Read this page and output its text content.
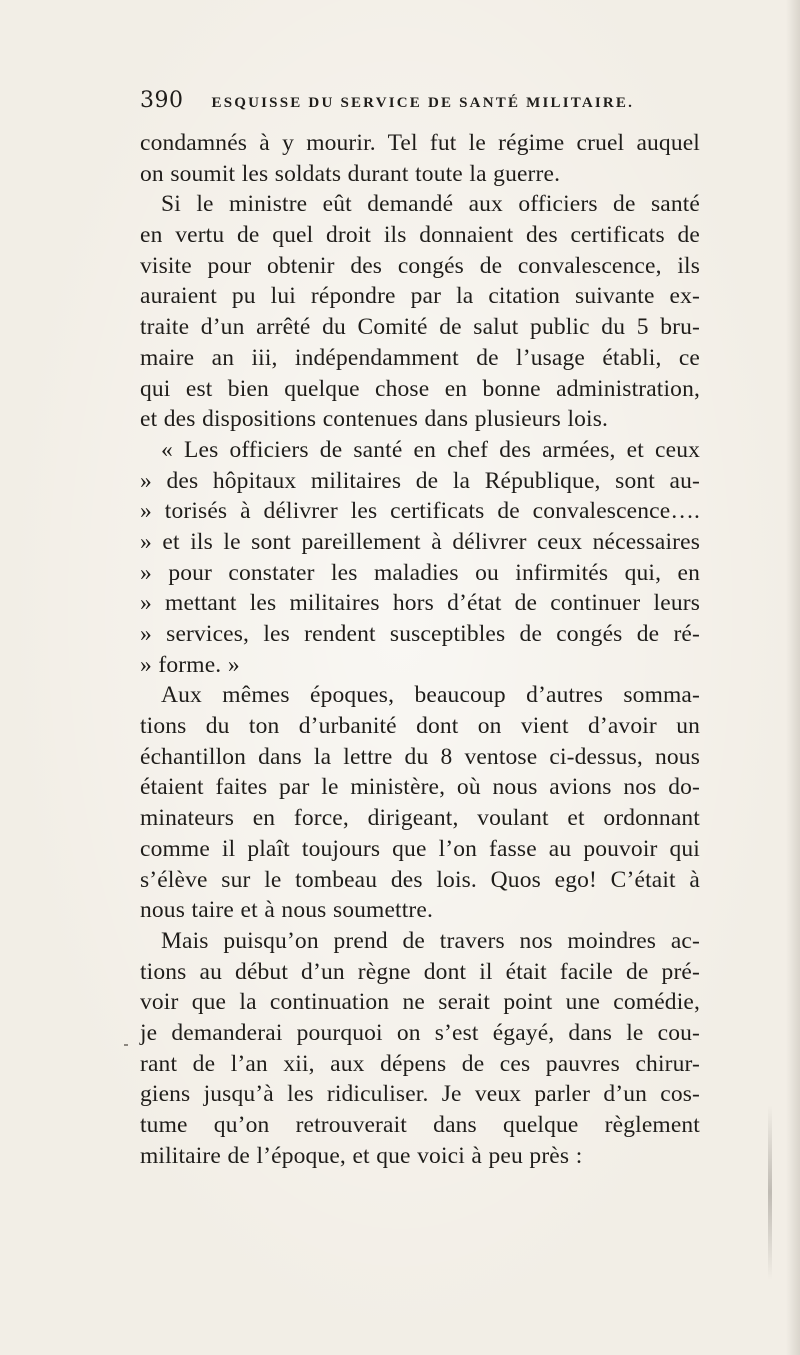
390 ESQUISSE DU SERVICE DE SANTÉ MILITAIRE.
condamnés à y mourir. Tel fut le régime cruel auquel
on soumit les soldats durant toute la guerre.
Si le ministre eût demandé aux officiers de santé
en vertu de quel droit ils donnaient des certificats de
visite pour obtenir des congés de convalescence, ils
auraient pu lui répondre par la citation suivante ex-
traite d’un arrêté du Comité de salut public du 5 bru-
maire an iii, indépendamment de l’usage établi, ce
qui est bien quelque chose en bonne administration,
et des dispositions contenues dans plusieurs lois.
« Les officiers de santé en chef des armées, et ceux
» des hôpitaux militaires de la République, sont au-
» torisés à délivrer les certificats de convalescence….
» et ils le sont pareillement à délivrer ceux nécessaires
» pour constater les maladies ou infirmités qui, en
» mettant les militaires hors d’état de continuer leurs
» services, les rendent susceptibles de congés de ré-
» forme. »
Aux mêmes époques, beaucoup d’autres somma-
tions du ton d’urbanité dont on vient d’avoir un
échantillon dans la lettre du 8 ventose ci-dessus, nous
étaient faites par le ministère, où nous avions nos do-
minateurs en force, dirigeant, voulant et ordonnant
comme il plaît toujours que l’on fasse au pouvoir qui
s’élève sur le tombeau des lois. Quos ego! C’était à
nous taire et à nous soumettre.
Mais puisqu’on prend de travers nos moindres ac-
tions au début d’un règne dont il était facile de pré-
voir que la continuation ne serait point une comédie,
je demanderai pourquoi on s’est égayé, dans le cou-
rant de l’an xii, aux dépens de ces pauvres chirur-
giens jusqu’à les ridiculiser. Je veux parler d’un cos-
tume qu’on retrouverait dans quelque règlement
militaire de l’époque, et que voici à peu près :
